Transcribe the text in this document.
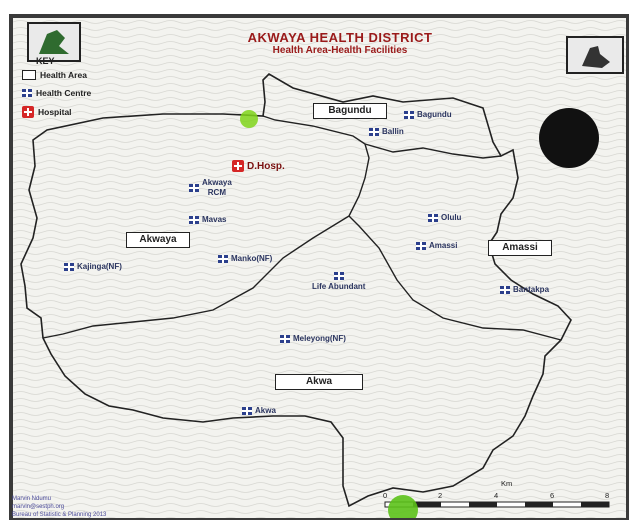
AKWAYA HEALTH DISTRICT
Health Area-Health Facilities
KEY
Health Area
Health Centre
Hospital	Bagundu
Akwaya
Amassi
Akwa
D.Hosp.
Bagundu
Ballin
Akwaya
RCM
Mavas
Manko(NF)
Kajinga(NF)
Olulu
Amassi
Bantakpa
Life Abundant
Meleyong(NF)
Akwa
Km
0	2	4	6	8
Marvin Ndumu
marvin@sestph.org
Bureau of Statistic & Planning 2013
